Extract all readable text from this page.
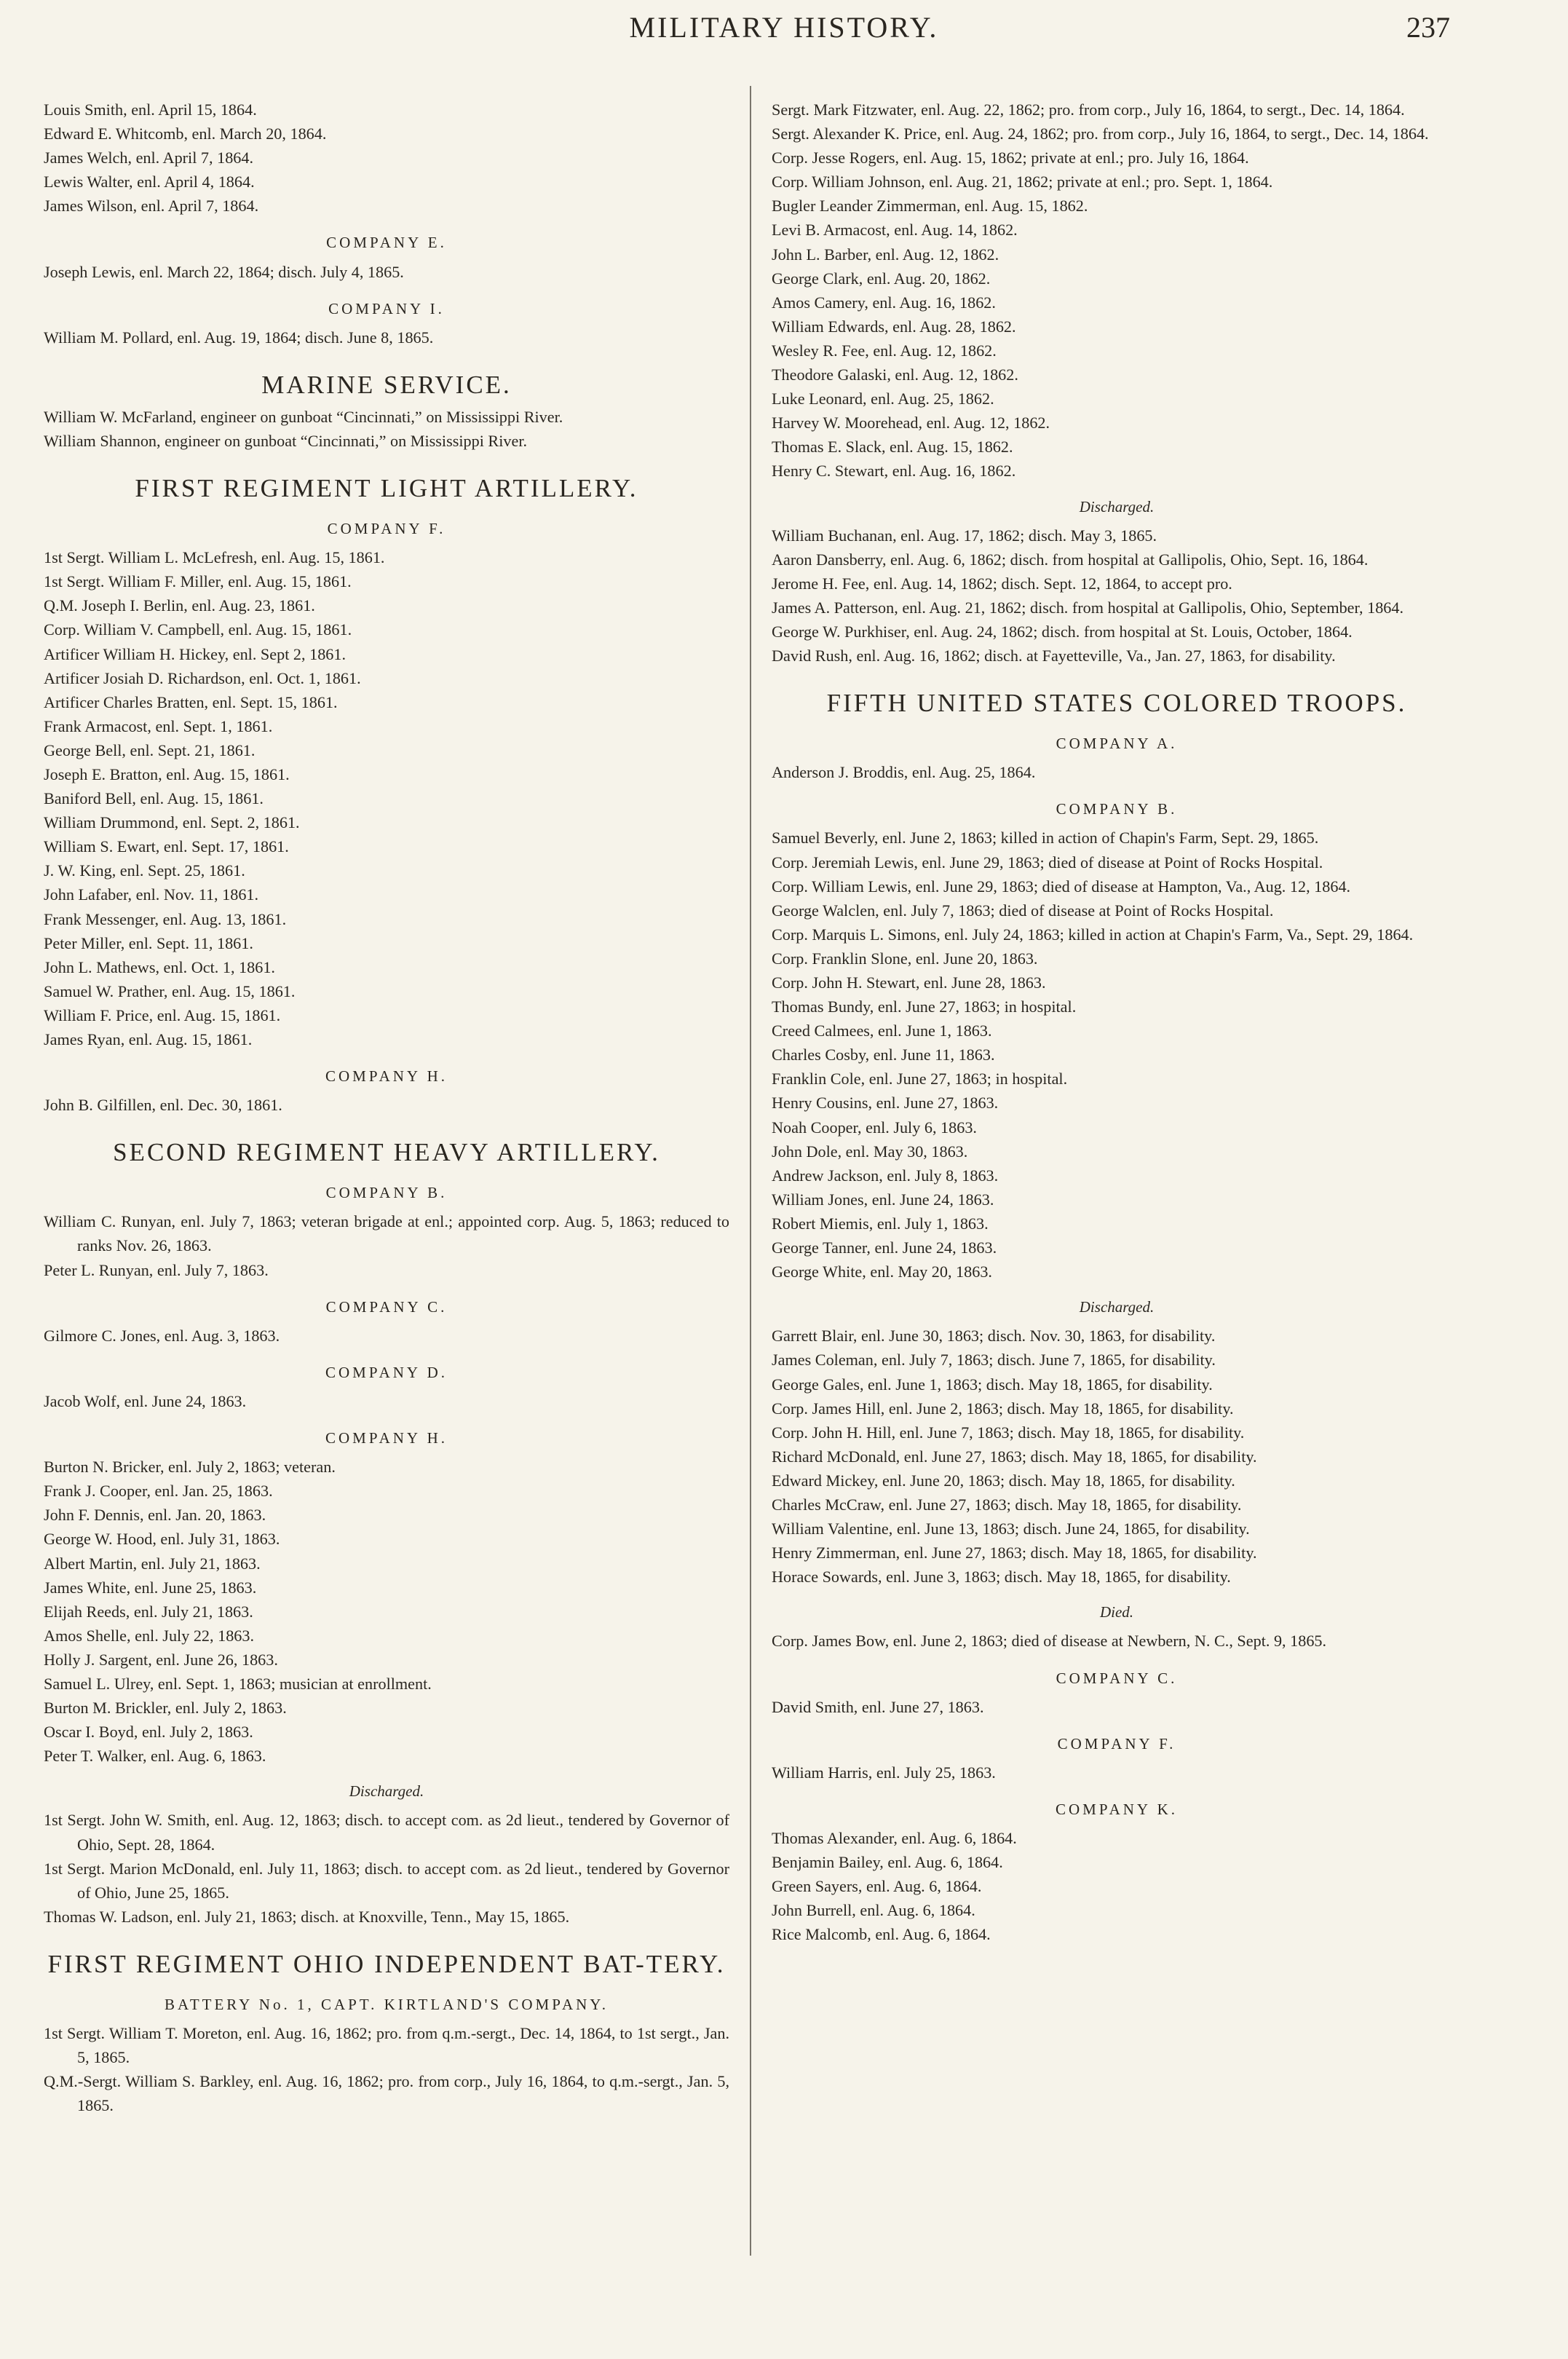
MILITARY HISTORY.	237
Louis Smith, enl. April 15, 1864.
Edward E. Whitcomb, enl. March 20, 1864.
James Welch, enl. April 7, 1864.
Lewis Walter, enl. April 4, 1864.
James Wilson, enl. April 7, 1864.
COMPANY E.
Joseph Lewis, enl. March 22, 1864; disch. July 4, 1865.
COMPANY I.
William M. Pollard, enl. Aug. 19, 1864; disch. June 8, 1865.
MARINE SERVICE.
William W. McFarland, engineer on gunboat “Cincinnati,” on Mississippi River.
William Shannon, engineer on gunboat “Cincinnati,” on Mississippi River.
FIRST REGIMENT LIGHT ARTILLERY.
COMPANY F.
1st Sergt. William L. McLefresh, enl. Aug. 15, 1861.
1st Sergt. William F. Miller, enl. Aug. 15, 1861.
Q.M. Joseph I. Berlin, enl. Aug. 23, 1861.
Corp. William V. Campbell, enl. Aug. 15, 1861.
Artificer William H. Hickey, enl. Sept 2, 1861.
Artificer Josiah D. Richardson, enl. Oct. 1, 1861.
Artificer Charles Bratten, enl. Sept. 15, 1861.
Frank Armacost, enl. Sept. 1, 1861.
George Bell, enl. Sept. 21, 1861.
Joseph E. Bratton, enl. Aug. 15, 1861.
Baniford Bell, enl. Aug. 15, 1861.
William Drummond, enl. Sept. 2, 1861.
William S. Ewart, enl. Sept. 17, 1861.
J. W. King, enl. Sept. 25, 1861.
John Lafaber, enl. Nov. 11, 1861.
Frank Messenger, enl. Aug. 13, 1861.
Peter Miller, enl. Sept. 11, 1861.
John L. Mathews, enl. Oct. 1, 1861.
Samuel W. Prather, enl. Aug. 15, 1861.
William F. Price, enl. Aug. 15, 1861.
James Ryan, enl. Aug. 15, 1861.
COMPANY H.
John B. Gilfillen, enl. Dec. 30, 1861.
SECOND REGIMENT HEAVY ARTILLERY.
COMPANY B.
William C. Runyan, enl. July 7, 1863; veteran brigade at enl.; appointed corp. Aug. 5, 1863; reduced to ranks Nov. 26, 1863.
Peter L. Runyan, enl. July 7, 1863.
COMPANY C.
Gilmore C. Jones, enl. Aug. 3, 1863.
COMPANY D.
Jacob Wolf, enl. June 24, 1863.
COMPANY H.
Burton N. Bricker, enl. July 2, 1863; veteran.
Frank J. Cooper, enl. Jan. 25, 1863.
John F. Dennis, enl. Jan. 20, 1863.
George W. Hood, enl. July 31, 1863.
Albert Martin, enl. July 21, 1863.
James White, enl. June 25, 1863.
Elijah Reeds, enl. July 21, 1863.
Amos Shelle, enl. July 22, 1863.
Holly J. Sargent, enl. June 26, 1863.
Samuel L. Ulrey, enl. Sept. 1, 1863; musician at enrollment.
Burton M. Brickler, enl. July 2, 1863.
Oscar I. Boyd, enl. July 2, 1863.
Peter T. Walker, enl. Aug. 6, 1863.
Discharged.
1st Sergt. John W. Smith, enl. Aug. 12, 1863; disch. to accept com. as 2d lieut., tendered by Governor of Ohio, Sept. 28, 1864.
1st Sergt. Marion McDonald, enl. July 11, 1863; disch. to accept com. as 2d lieut., tendered by Governor of Ohio, June 25, 1865.
Thomas W. Ladson, enl. July 21, 1863; disch. at Knoxville, Tenn., May 15, 1865.
FIRST REGIMENT OHIO INDEPENDENT BAT-TERY.
BATTERY No. 1, CAPT. KIRTLAND'S COMPANY.
1st Sergt. William T. Moreton, enl. Aug. 16, 1862; pro. from q.m.-sergt., Dec. 14, 1864, to 1st sergt., Jan. 5, 1865.
Q.M.-Sergt. William S. Barkley, enl. Aug. 16, 1862; pro. from corp., July 16, 1864, to q.m.-sergt., Jan. 5, 1865.
Sergt. Mark Fitzwater, enl. Aug. 22, 1862; pro. from corp., July 16, 1864, to sergt., Dec. 14, 1864.
Sergt. Alexander K. Price, enl. Aug. 24, 1862; pro. from corp., July 16, 1864, to sergt., Dec. 14, 1864.
Corp. Jesse Rogers, enl. Aug. 15, 1862; private at enl.; pro. July 16, 1864.
Corp. William Johnson, enl. Aug. 21, 1862; private at enl.; pro. Sept. 1, 1864.
Bugler Leander Zimmerman, enl. Aug. 15, 1862.
Levi B. Armacost, enl. Aug. 14, 1862.
John L. Barber, enl. Aug. 12, 1862.
George Clark, enl. Aug. 20, 1862.
Amos Camery, enl. Aug. 16, 1862.
William Edwards, enl. Aug. 28, 1862.
Wesley R. Fee, enl. Aug. 12, 1862.
Theodore Galaski, enl. Aug. 12, 1862.
Luke Leonard, enl. Aug. 25, 1862.
Harvey W. Moorehead, enl. Aug. 12, 1862.
Thomas E. Slack, enl. Aug. 15, 1862.
Henry C. Stewart, enl. Aug. 16, 1862.
Discharged.
William Buchanan, enl. Aug. 17, 1862; disch. May 3, 1865.
Aaron Dansberry, enl. Aug. 6, 1862; disch. from hospital at Gallipolis, Ohio, Sept. 16, 1864.
Jerome H. Fee, enl. Aug. 14, 1862; disch. Sept. 12, 1864, to accept pro.
James A. Patterson, enl. Aug. 21, 1862; disch. from hospital at Gallipolis, Ohio, September, 1864.
George W. Purkhiser, enl. Aug. 24, 1862; disch. from hospital at St. Louis, October, 1864.
David Rush, enl. Aug. 16, 1862; disch. at Fayetteville, Va., Jan. 27, 1863, for disability.
FIFTH UNITED STATES COLORED TROOPS.
COMPANY A.
Anderson J. Broddis, enl. Aug. 25, 1864.
COMPANY B.
Samuel Beverly, enl. June 2, 1863; killed in action of Chapin's Farm, Sept. 29, 1865.
Corp. Jeremiah Lewis, enl. June 29, 1863; died of disease at Point of Rocks Hospital.
Corp. William Lewis, enl. June 29, 1863; died of disease at Hampton, Va., Aug. 12, 1864.
George Walclen, enl. July 7, 1863; died of disease at Point of Rocks Hospital.
Corp. Marquis L. Simons, enl. July 24, 1863; killed in action at Chapin's Farm, Va., Sept. 29, 1864.
Corp. Franklin Slone, enl. June 20, 1863.
Corp. John H. Stewart, enl. June 28, 1863.
Thomas Bundy, enl. June 27, 1863; in hospital.
Creed Calmees, enl. June 1, 1863.
Charles Cosby, enl. June 11, 1863.
Franklin Cole, enl. June 27, 1863; in hospital.
Henry Cousins, enl. June 27, 1863.
Noah Cooper, enl. July 6, 1863.
John Dole, enl. May 30, 1863.
Andrew Jackson, enl. July 8, 1863.
William Jones, enl. June 24, 1863.
Robert Miemis, enl. July 1, 1863.
George Tanner, enl. June 24, 1863.
George White, enl. May 20, 1863.
Discharged.
Garrett Blair, enl. June 30, 1863; disch. Nov. 30, 1863, for disability.
James Coleman, enl. July 7, 1863; disch. June 7, 1865, for disability.
George Gales, enl. June 1, 1863; disch. May 18, 1865, for disability.
Corp. James Hill, enl. June 2, 1863; disch. May 18, 1865, for disability.
Corp. John H. Hill, enl. June 7, 1863; disch. May 18, 1865, for disability.
Richard McDonald, enl. June 27, 1863; disch. May 18, 1865, for disability.
Edward Mickey, enl. June 20, 1863; disch. May 18, 1865, for disability.
Charles McCraw, enl. June 27, 1863; disch. May 18, 1865, for disability.
William Valentine, enl. June 13, 1863; disch. June 24, 1865, for disability.
Henry Zimmerman, enl. June 27, 1863; disch. May 18, 1865, for disability.
Horace Sowards, enl. June 3, 1863; disch. May 18, 1865, for disability.
Died.
Corp. James Bow, enl. June 2, 1863; died of disease at Newbern, N. C., Sept. 9, 1865.
COMPANY C.
David Smith, enl. June 27, 1863.
COMPANY F.
William Harris, enl. July 25, 1863.
COMPANY K.
Thomas Alexander, enl. Aug. 6, 1864.
Benjamin Bailey, enl. Aug. 6, 1864.
Green Sayers, enl. Aug. 6, 1864.
John Burrell, enl. Aug. 6, 1864.
Rice Malcomb, enl. Aug. 6, 1864.
